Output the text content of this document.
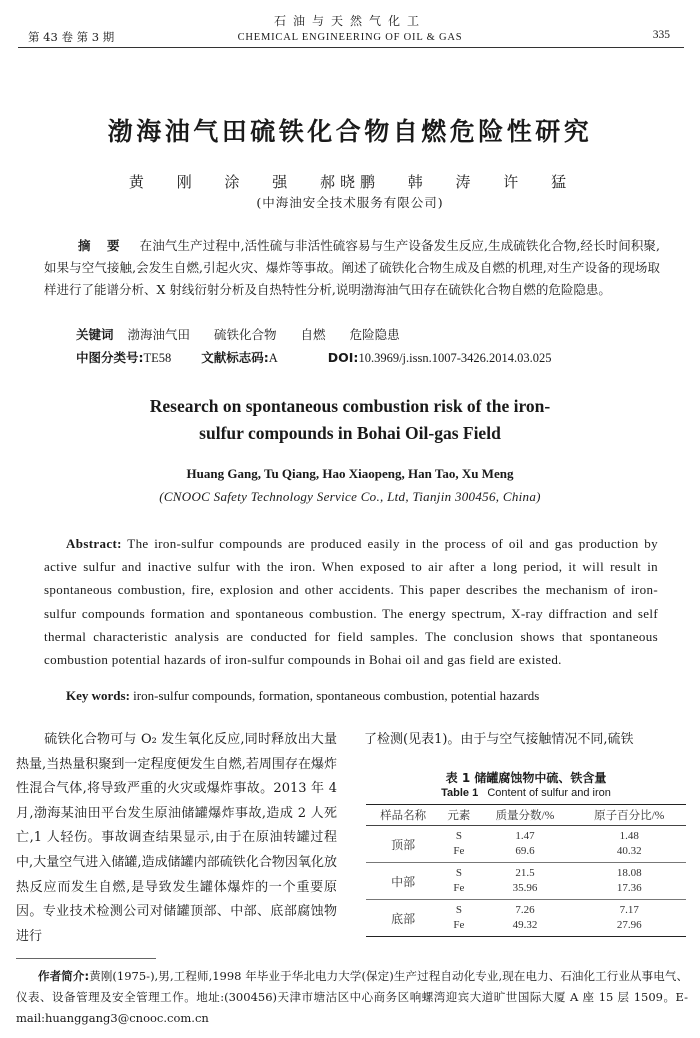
第 43 卷 第 3 期
石油与天然气化工
CHEMICAL ENGINEERING OF OIL & GAS	335
渤海油气田硫铁化合物自燃危险性研究
黄 刚 涂 强 郝晓鹏 韩 涛 许 猛
(中海油安全技术服务有限公司)
摘 要 在油气生产过程中,活性硫与非活性硫容易与生产设备发生反应,生成硫铁化合物,经长时间积聚,如果与空气接触,会发生自燃,引起火灾、爆炸等事故。阐述了硫铁化合物生成及自燃的机理,对生产设备的现场取样进行了能谱分析、X 射线衍射分析及自热特性分析,说明渤海油气田存在硫铁化合物自燃的危险隐患。
关键词 渤海油气田 硫铁化合物 自燃 危险隐患
中图分类号:TE58 文献标志码:A	DOI:10.3969/j.issn.1007-3426.2014.03.025
Research on spontaneous combustion risk of the iron-sulfur compounds in Bohai Oil-gas Field
Huang Gang, Tu Qiang, Hao Xiaopeng, Han Tao, Xu Meng
(CNOOC Safety Technology Service Co., Ltd, Tianjin 300456, China)
Abstract: The iron-sulfur compounds are produced easily in the process of oil and gas production by active sulfur and inactive sulfur with the iron. When exposed to air after a long period, it will result in spontaneous combustion, fire, explosion and other accidents. This paper describes the mechanism of iron-sulfur compounds formation and spontaneous combustion. The energy spectrum, X-ray diffraction and self thermal characteristic analysis are conducted for field samples. The conclusion shows that spontaneous combustion potential hazards of iron-sulfur compounds in Bohai oil and gas field are existed.
Key words: iron-sulfur compounds, formation, spontaneous combustion, potential hazards
硫铁化合物可与 O₂ 发生氧化反应,同时释放出大量热量,当热量积聚到一定程度便发生自燃,若周围存在爆炸性混合气体,将导致严重的火灾或爆炸事故。2013 年 4 月,渤海某油田平台发生原油储罐爆炸事故,造成 2 人死亡,1 人轻伤。事故调查结果显示,由于在原油转罐过程中,大量空气进入储罐,造成储罐内部硫铁化合物因氧化放热反应而发生自燃,是导致发生罐体爆炸的一个重要原因。专业技术检测公司对储罐顶部、中部、底部腐蚀物进行
了检测(见表1)。由于与空气接触情况不同,硫铁
表 1 储罐腐蚀物中硫、铁含量
Table 1 Content of sulfur and iron
样品名称	元素	质量分数/%	原子百分比/%
顶部	S	1.47	1.48
	Fe	69.6	40.32
中部	S	21.5	18.08
	Fe	35.96	17.36
底部	S	7.26	7.17
	Fe	49.32	27.96
作者简介:黄刚(1975-),男,工程师,1998 年毕业于华北电力大学(保定)生产过程自动化专业,现在电力、石油化工行业从事电气、仪表、设备管理及安全管理工作。地址:(300456)天津市塘沽区中心商务区响螺湾迎宾大道旷世国际大厦 A 座 15 层 1509。E-mail:huanggang3@cnooc.com.cn
